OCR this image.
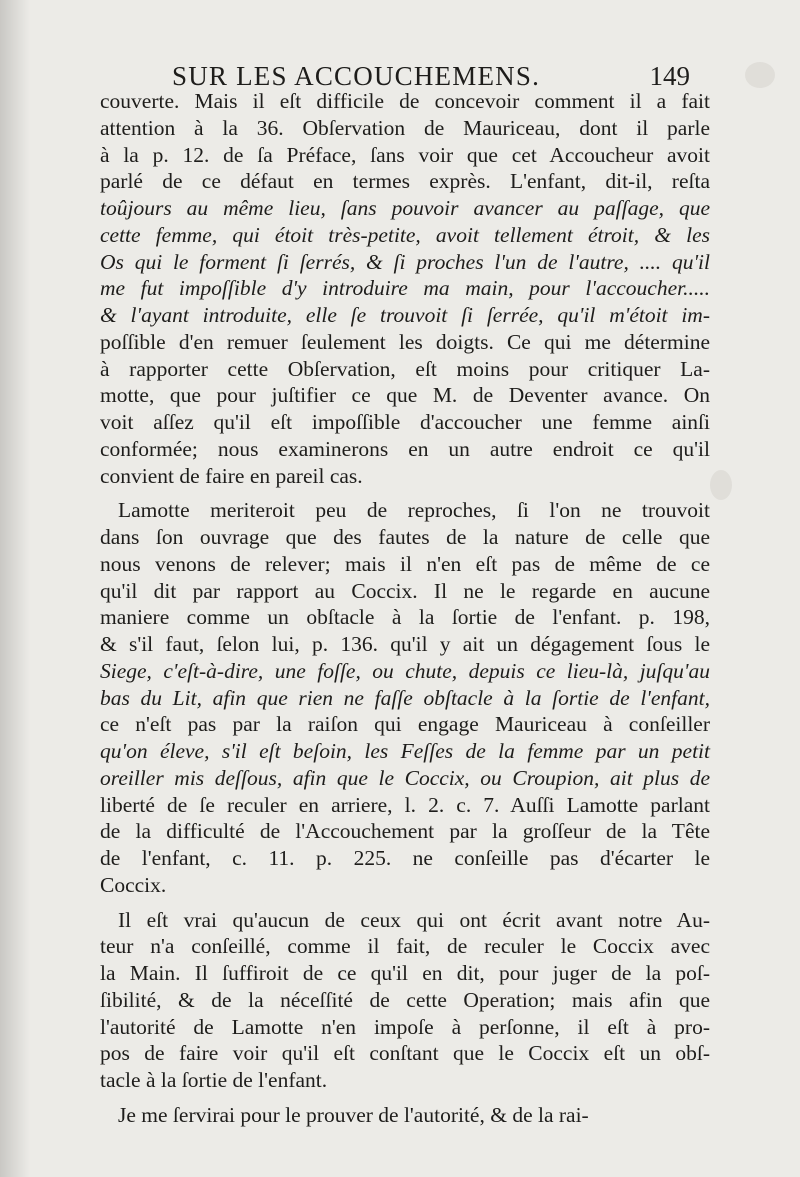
SUR LES ACCOUCHEMENS.	149
couverte. Mais il eſt difficile de concevoir comment il a fait
attention à la 36. Obſervation de Mauriceau, dont il parle
à la p. 12. de ſa Préface, ſans voir que cet Accoucheur avoit
parlé de ce défaut en termes exprès. L'enfant, dit-il, reſta
toûjours au même lieu, ſans pouvoir avancer au paſſage, que
cette femme, qui étoit très-petite, avoit tellement étroit, & les
Os qui le forment ſi ſerrés, & ſi proches l'un de l'autre, .... qu'il
me fut impoſſible d'y introduire ma main, pour l'accoucher.....
& l'ayant introduite, elle ſe trouvoit ſi ſerrée, qu'il m'étoit im-
poſſible d'en remuer ſeulement les doigts. Ce qui me détermine
à rapporter cette Obſervation, eſt moins pour critiquer La-
motte, que pour juſtifier ce que M. de Deventer avance. On
voit aſſez qu'il eſt impoſſible d'accoucher une femme ainſi
conformée; nous examinerons en un autre endroit ce qu'il
convient de faire en pareil cas.
Lamotte meriteroit peu de reproches, ſi l'on ne trouvoit
dans ſon ouvrage que des fautes de la nature de celle que
nous venons de relever; mais il n'en eſt pas de même de ce
qu'il dit par rapport au Coccix. Il ne le regarde en aucune
maniere comme un obſtacle à la ſortie de l'enfant. p. 198,
& s'il faut, ſelon lui, p. 136. qu'il y ait un dégagement ſous le
Siege, c'eſt-à-dire, une foſſe, ou chute, depuis ce lieu-là, juſqu'au
bas du Lit, afin que rien ne faſſe obſtacle à la ſortie de l'enfant,
ce n'eſt pas par la raiſon qui engage Mauriceau à conſeiller
qu'on éleve, s'il eſt beſoin, les Feſſes de la femme par un petit
oreiller mis deſſous, afin que le Coccix, ou Croupion, ait plus de
liberté de ſe reculer en arriere, l. 2. c. 7. Auſſi Lamotte parlant
de la difficulté de l'Accouchement par la groſſeur de la Tête
de l'enfant, c. 11. p. 225. ne conſeille pas d'écarter le
Coccix.
Il eſt vrai qu'aucun de ceux qui ont écrit avant notre Au-
teur n'a conſeillé, comme il fait, de reculer le Coccix avec
la Main. Il ſuffiroit de ce qu'il en dit, pour juger de la poſ-
ſibilité, & de la néceſſité de cette Operation; mais afin que
l'autorité de Lamotte n'en impoſe à perſonne, il eſt à pro-
pos de faire voir qu'il eſt conſtant que le Coccix eſt un obſ-
tacle à la ſortie de l'enfant.
Je me ſervirai pour le prouver de l'autorité, & de la rai-
